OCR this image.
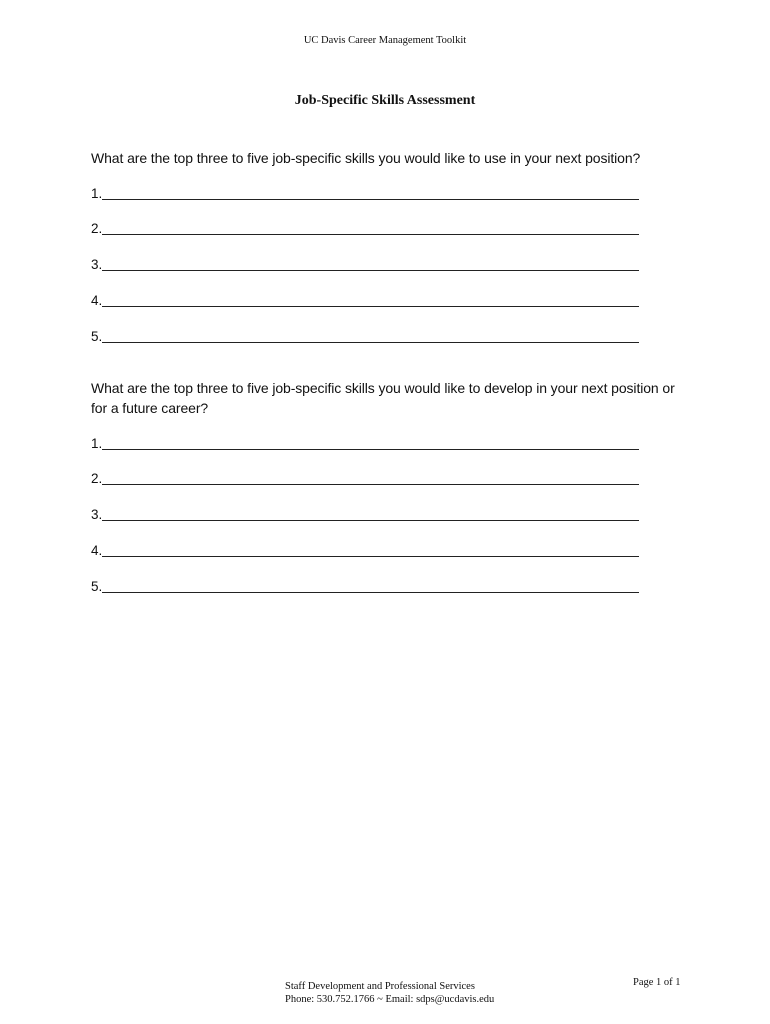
UC Davis Career Management Toolkit
Job-Specific Skills Assessment
What are the top three to five job-specific skills you would like to use in your next position?
1.
2.
3.
4.
5.
What are the top three to five job-specific skills you would like to develop in your next position or for a future career?
1.
2.
3.
4.
5.
Staff Development and Professional Services
Phone: 530.752.1766 ~ Email: sdps@ucdavis.edu
Page 1 of 1
